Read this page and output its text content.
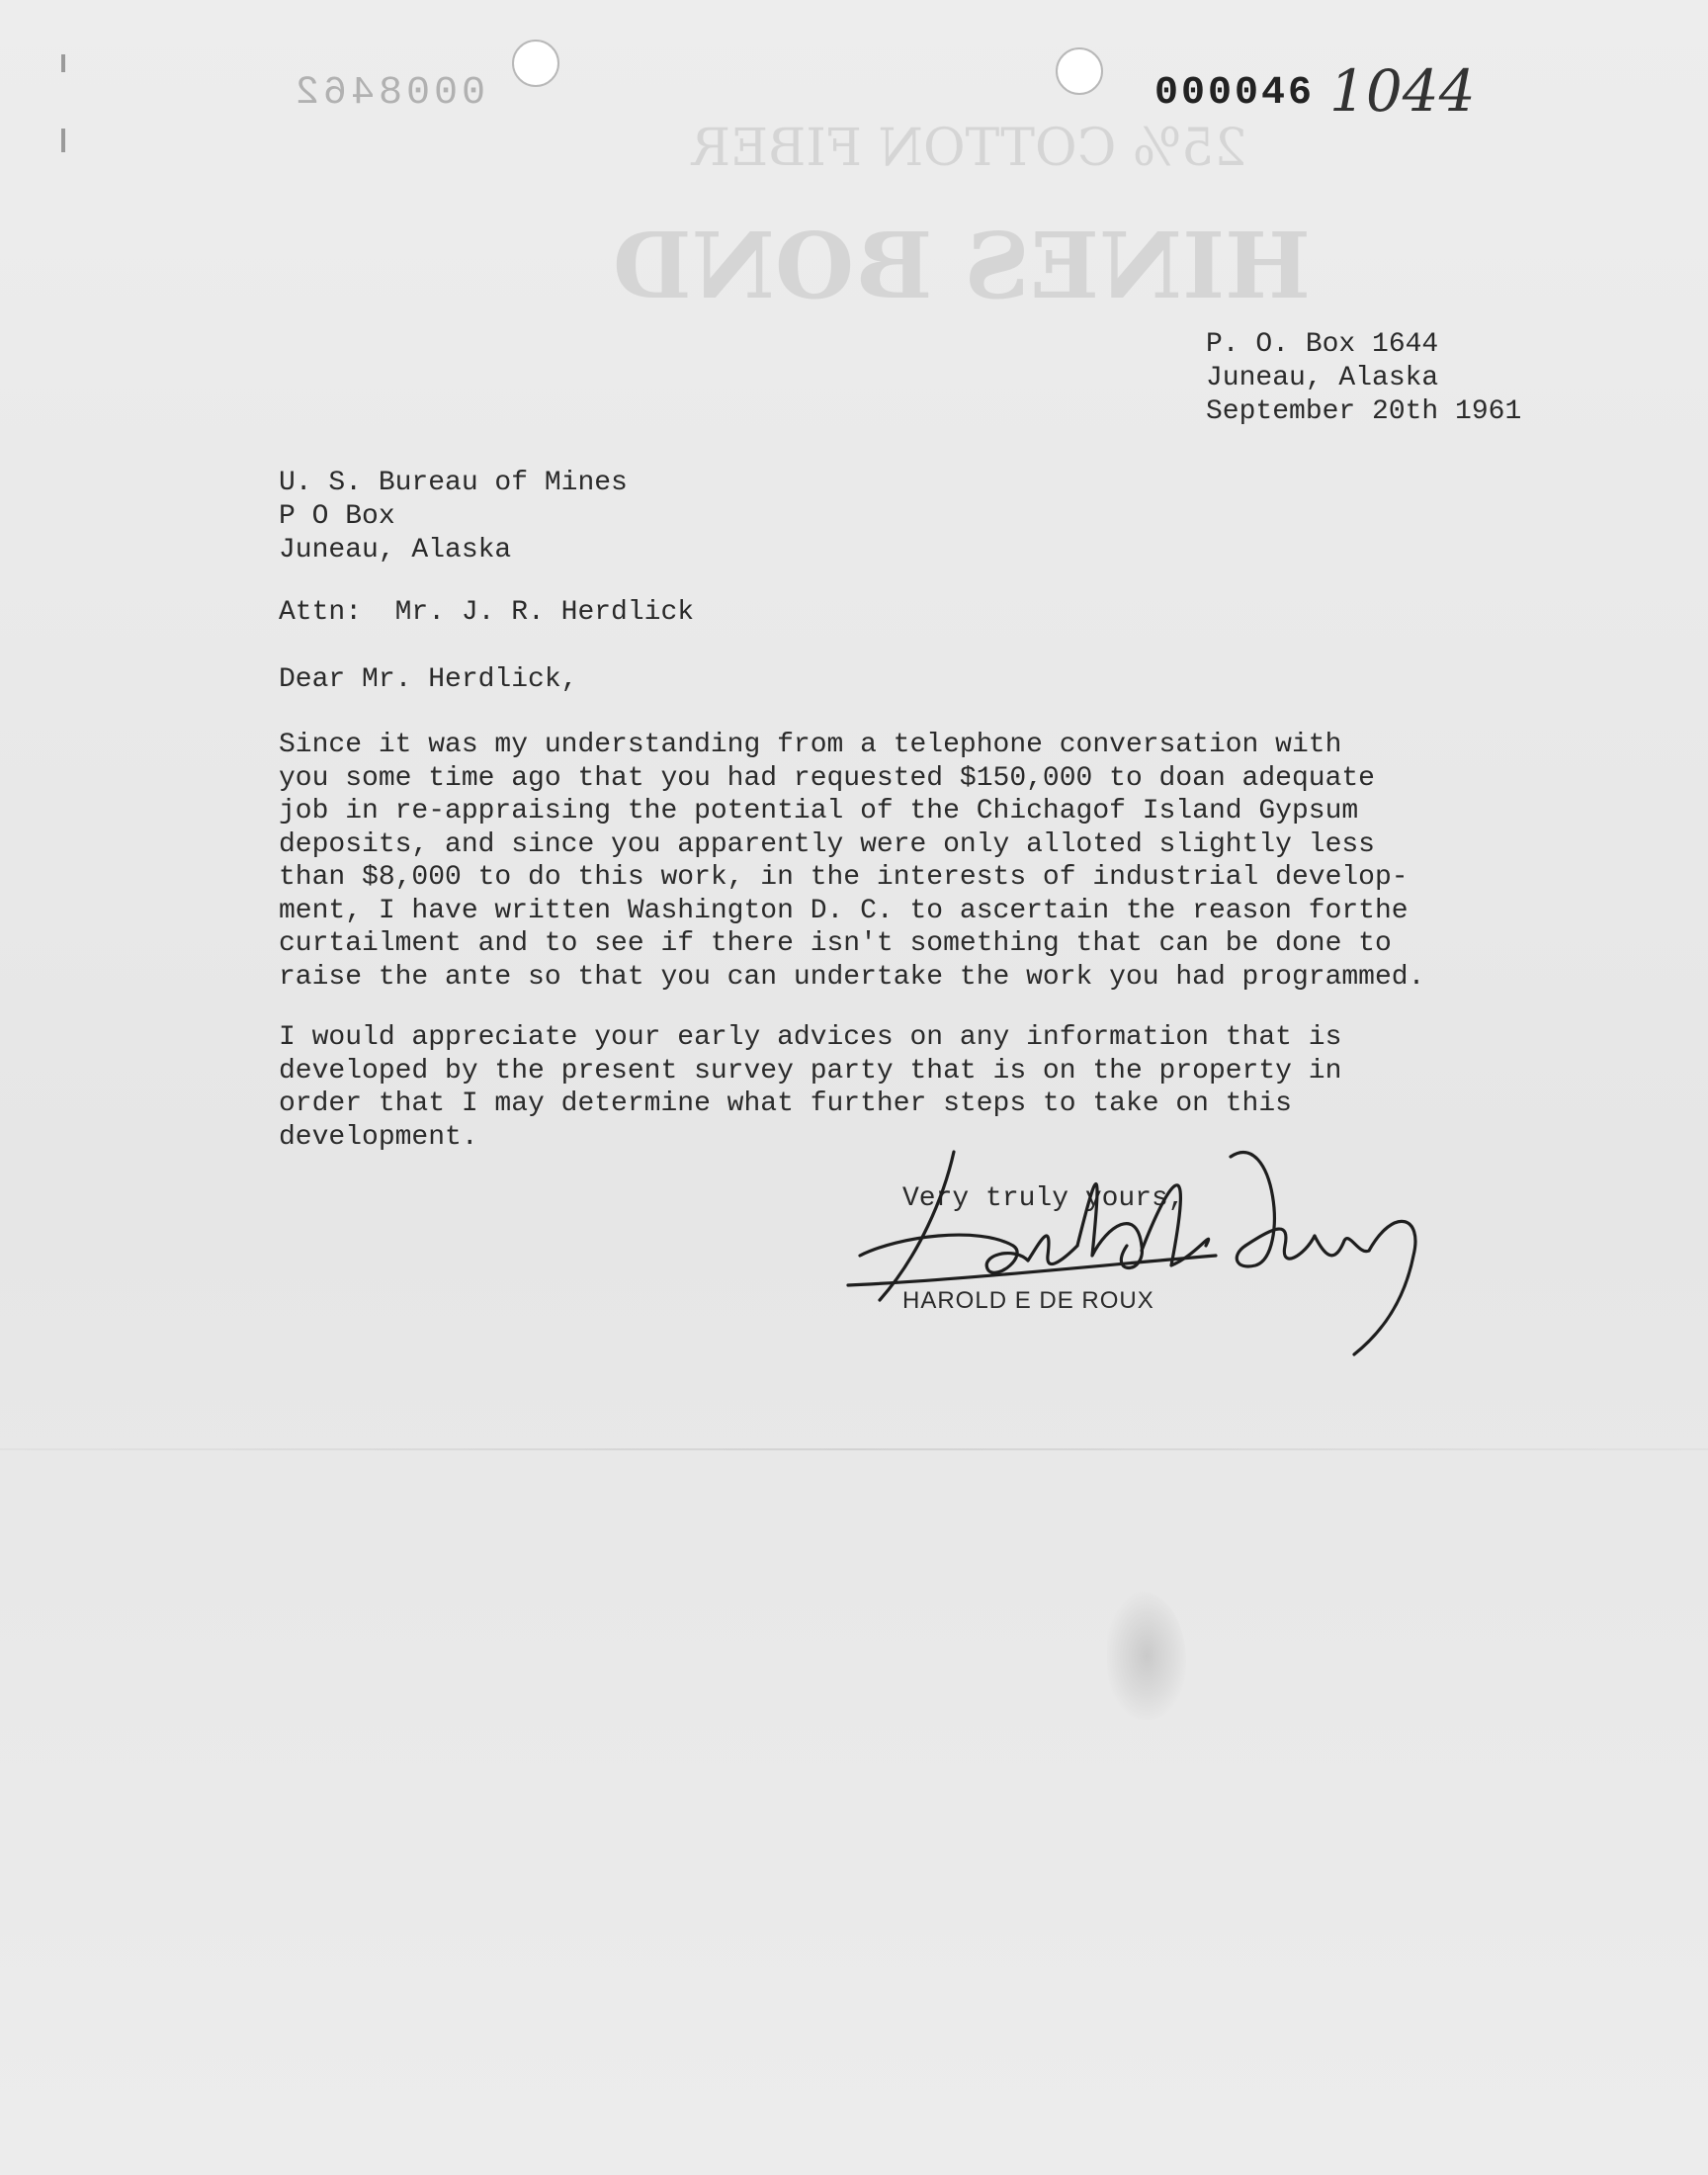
0008462
25% COTTON FIBER
HINES BOND
000046 1044
P. O. Box 1644
Juneau, Alaska
September 20th 1961
U. S. Bureau of Mines
P O Box
Juneau, Alaska
Attn:  Mr. J. R. Herdlick
Dear Mr. Herdlick,
Since it was my understanding from a telephone conversation with
you some time ago that you had requested $150,000 to doan adequate
job in re-appraising the potential of the Chichagof Island Gypsum
deposits, and since you apparently were only alloted slightly less
than $8,000 to do this work, in the interests of industrial develop-
ment, I have written Washington D. C. to ascertain the reason forthe
curtailment and to see if there isn't something that can be done to
raise the ante so that you can undertake the work you had programmed.
I would appreciate your early advices on any information that is
developed by the present survey party that is on the property in
order that I may determine what further steps to take on this
development.
Very truly yours,
HAROLD E DE ROUX
